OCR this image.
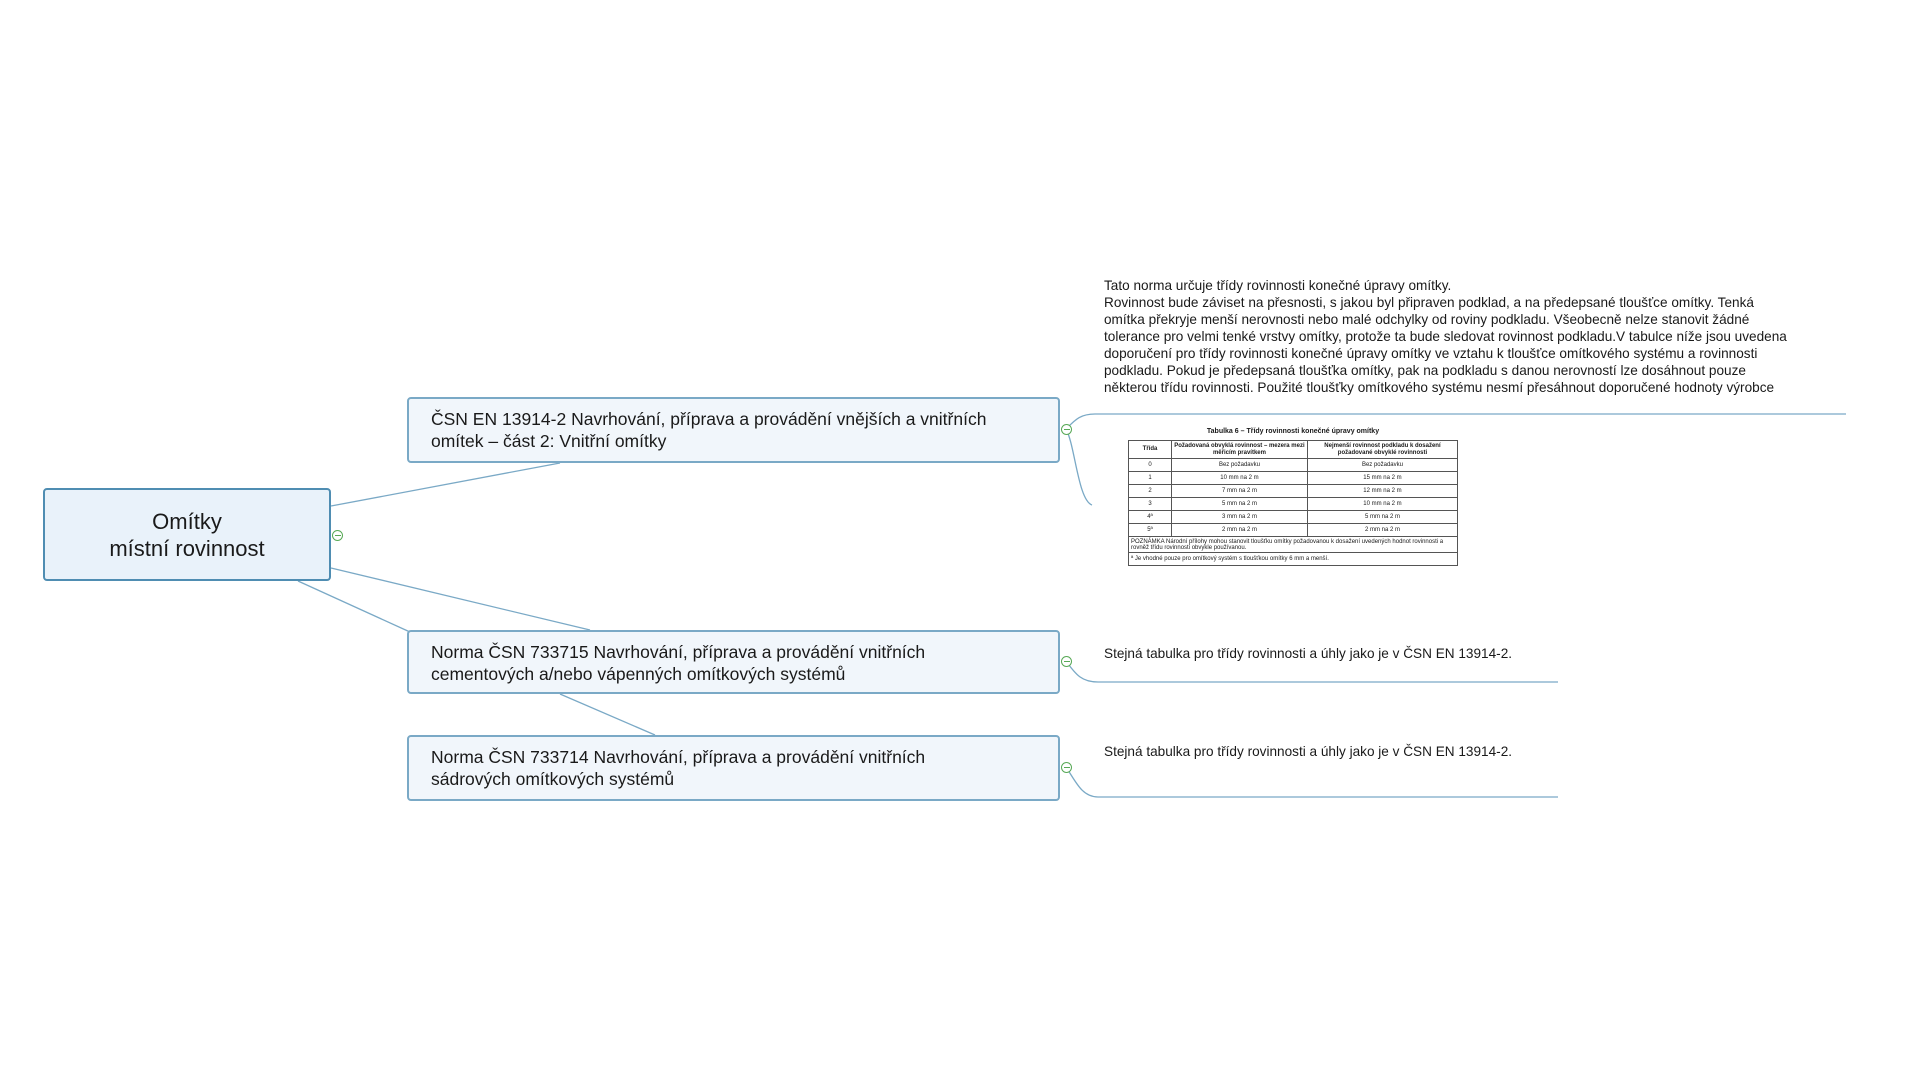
Omítky
místní rovinnost
ČSN EN 13914-2 Navrhování, příprava a provádění vnějších a vnitřních
omítek – část 2: Vnitřní omítky
Norma ČSN 733715 Navrhování, příprava a provádění vnitřních
cementových a/nebo vápenných omítkových systémů
Norma ČSN 733714 Navrhování, příprava a provádění vnitřních
sádrových omítkových systémů
Tato norma určuje třídy rovinnosti konečné úpravy omítky.
Rovinnost bude záviset na přesnosti, s jakou byl připraven podklad, a na předepsané tloušťce omítky. Tenká
omítka překryje menší nerovnosti nebo malé odchylky od roviny podkladu. Všeobecně nelze stanovit žádné
tolerance pro velmi tenké vrstvy omítky, protože ta bude sledovat rovinnost podkladu.V tabulce níže jsou uvedena
doporučení pro třídy rovinnosti konečné úpravy omítky ve vztahu k tloušťce omítkového systému a rovinnosti
podkladu. Pokud je předepsaná tloušťka omítky, pak na podkladu s danou nerovností lze dosáhnout pouze
některou třídu rovinnosti. Použité tloušťky omítkového systému nesmí přesáhnout doporučené hodnoty výrobce
Tabulka 6 – Třídy rovinnosti konečné úpravy omítky
Třída	Požadovaná obvyklá rovinnost – mezera mezi měřicím pravítkem	Nejmenší rovinnost podkladu k dosažení požadované obvyklé rovinnosti
0	Bez požadavku	Bez požadavku
1	10 mm na 2 m	15 mm na 2 m
2	7 mm na 2 m	12 mm na 2 m
3	5 mm na 2 m	10 mm na 2 m
4ª	3 mm na 2 m	5 mm na 2 m
5ª	2 mm na 2 m	2 mm na 2 m
POZNÁMKA Národní přílohy mohou stanovit tloušťku omítky požadovanou k dosažení uvedených hodnot rovinnosti a rovněž třídu rovinnosti obvykle používanou.		
ª Je vhodné pouze pro omítkový systém s tloušťkou omítky 6 mm a menší.		
Stejná tabulka pro třídy rovinnosti a úhly jako je v ČSN EN 13914-2.
Stejná tabulka pro třídy rovinnosti a úhly jako je v ČSN EN 13914-2.
